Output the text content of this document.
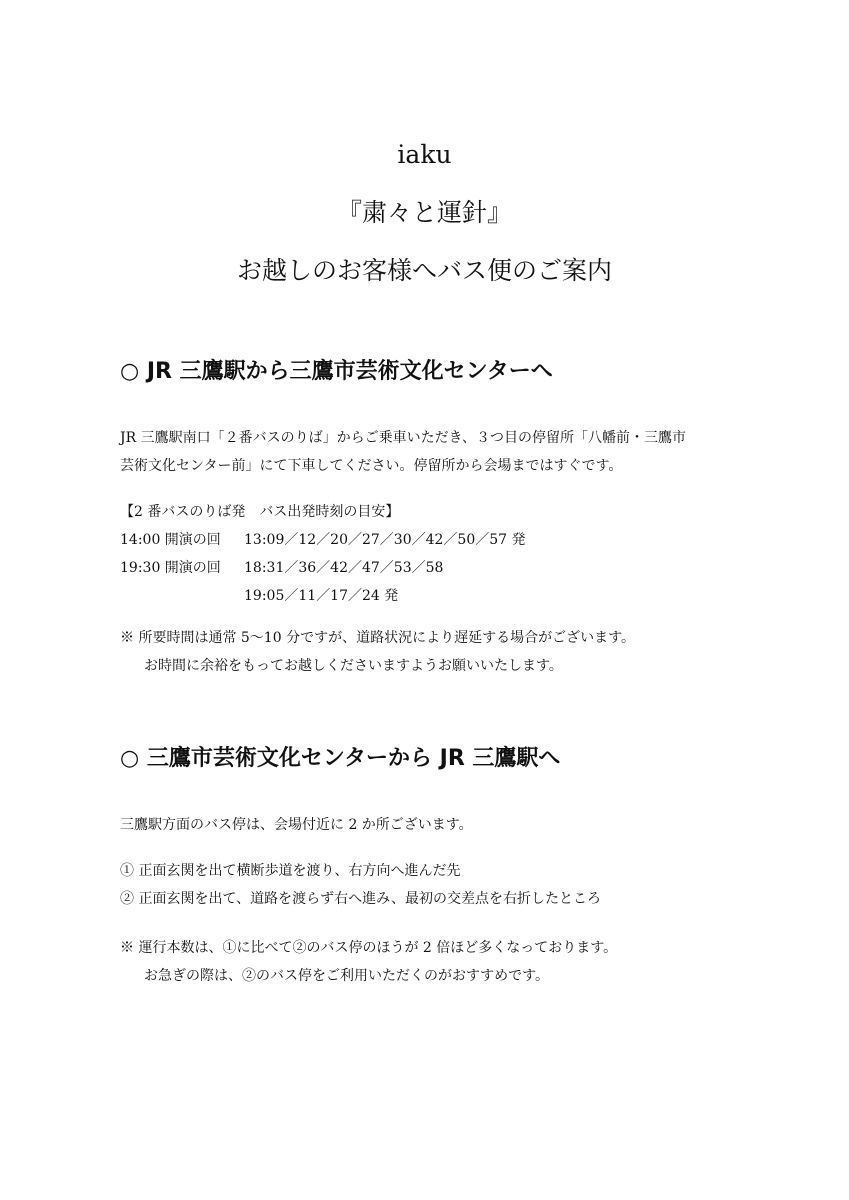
iaku
『粛々と運針』
お越しのお客様へバス便のご案内
○ JR 三鷹駅から三鷹市芸術文化センターへ
JR 三鷹駅南口「２番バスのりば」からご乗車いただき、３つ目の停留所「八幡前・三鷹市
芸術文化センター前」にて下車してください。停留所から会場まではすぐです。
【2 番バスのりば発　バス出発時刻の目安】
14:00 開演の回 13:09／12／20／27／30／42／50／57 発
19:30 開演の回 18:31／36／42／47／53／58
19:05／11／17／24 発
※ 所要時間は通常 5〜10 分ですが、道路状況により遅延する場合がございます。
お時間に余裕をもってお越しくださいますようお願いいたします。
○ 三鷹市芸術文化センターから JR 三鷹駅へ
三鷹駅方面のバス停は、会場付近に 2 か所ございます。
① 正面玄関を出て横断歩道を渡り、右方向へ進んだ先
② 正面玄関を出て、道路を渡らず右へ進み、最初の交差点を右折したところ
※ 運行本数は、①に比べて②のバス停のほうが 2 倍ほど多くなっております。
お急ぎの際は、②のバス停をご利用いただくのがおすすめです。
